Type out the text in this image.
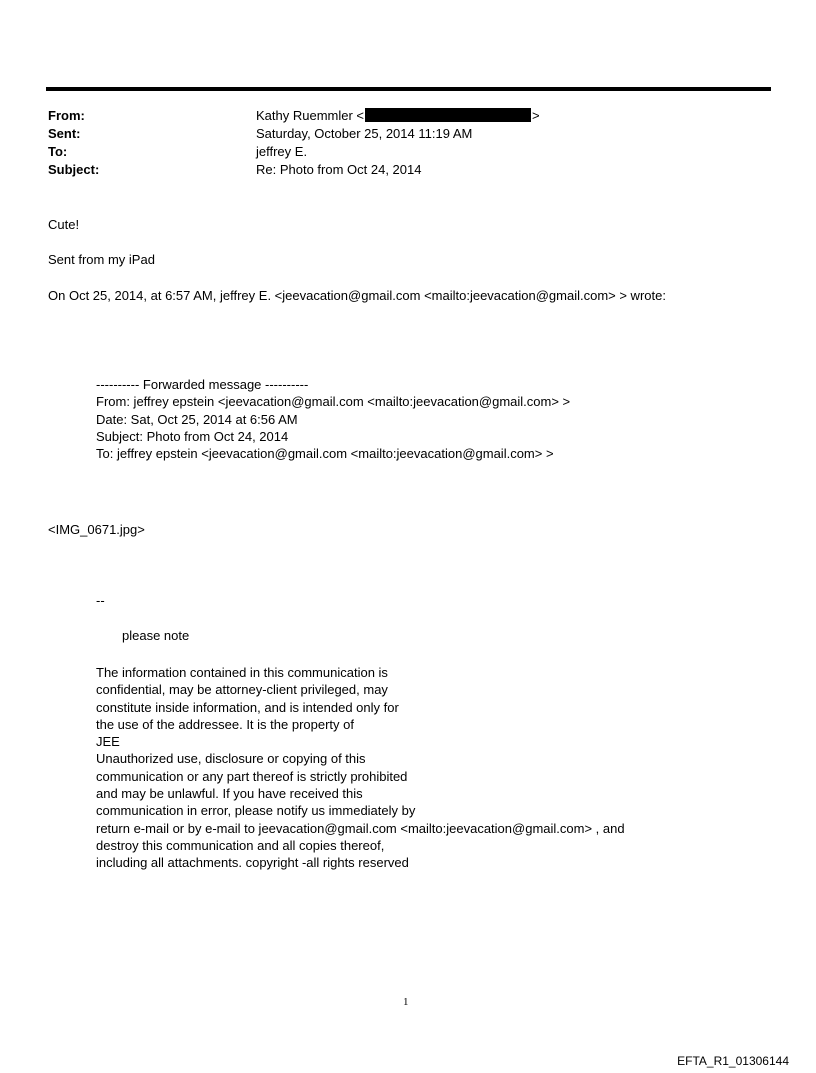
From:	Kathy Ruemmler <	>
Sent:	Saturday, October 25, 2014 11:19 AM
To:	jeffrey E.
Subject:	Re: Photo from Oct 24, 2014
Cute!
Sent from my iPad
On Oct 25, 2014, at 6:57 AM, jeffrey E. <jeevacation@gmail.com <mailto:jeevacation@gmail.com> > wrote:
---------- Forwarded message ----------
From: jeffrey epstein <jeevacation@gmail.com <mailto:jeevacation@gmail.com> >
Date: Sat, Oct 25, 2014 at 6:56 AM
Subject: Photo from Oct 24, 2014
To: jeffrey epstein <jeevacation@gmail.com <mailto:jeevacation@gmail.com> >
<IMG_0671.jpg>
--
please note
The information contained in this communication is
confidential, may be attorney-client privileged, may
constitute inside information, and is intended only for
the use of the addressee. It is the property of
JEE
Unauthorized use, disclosure or copying of this
communication or any part thereof is strictly prohibited
and may be unlawful. If you have received this
communication in error, please notify us immediately by
return e-mail or by e-mail to jeevacation@gmail.com <mailto:jeevacation@gmail.com> , and
destroy this communication and all copies thereof,
including all attachments. copyright -all rights reserved
1
EFTA_R1_01306144
